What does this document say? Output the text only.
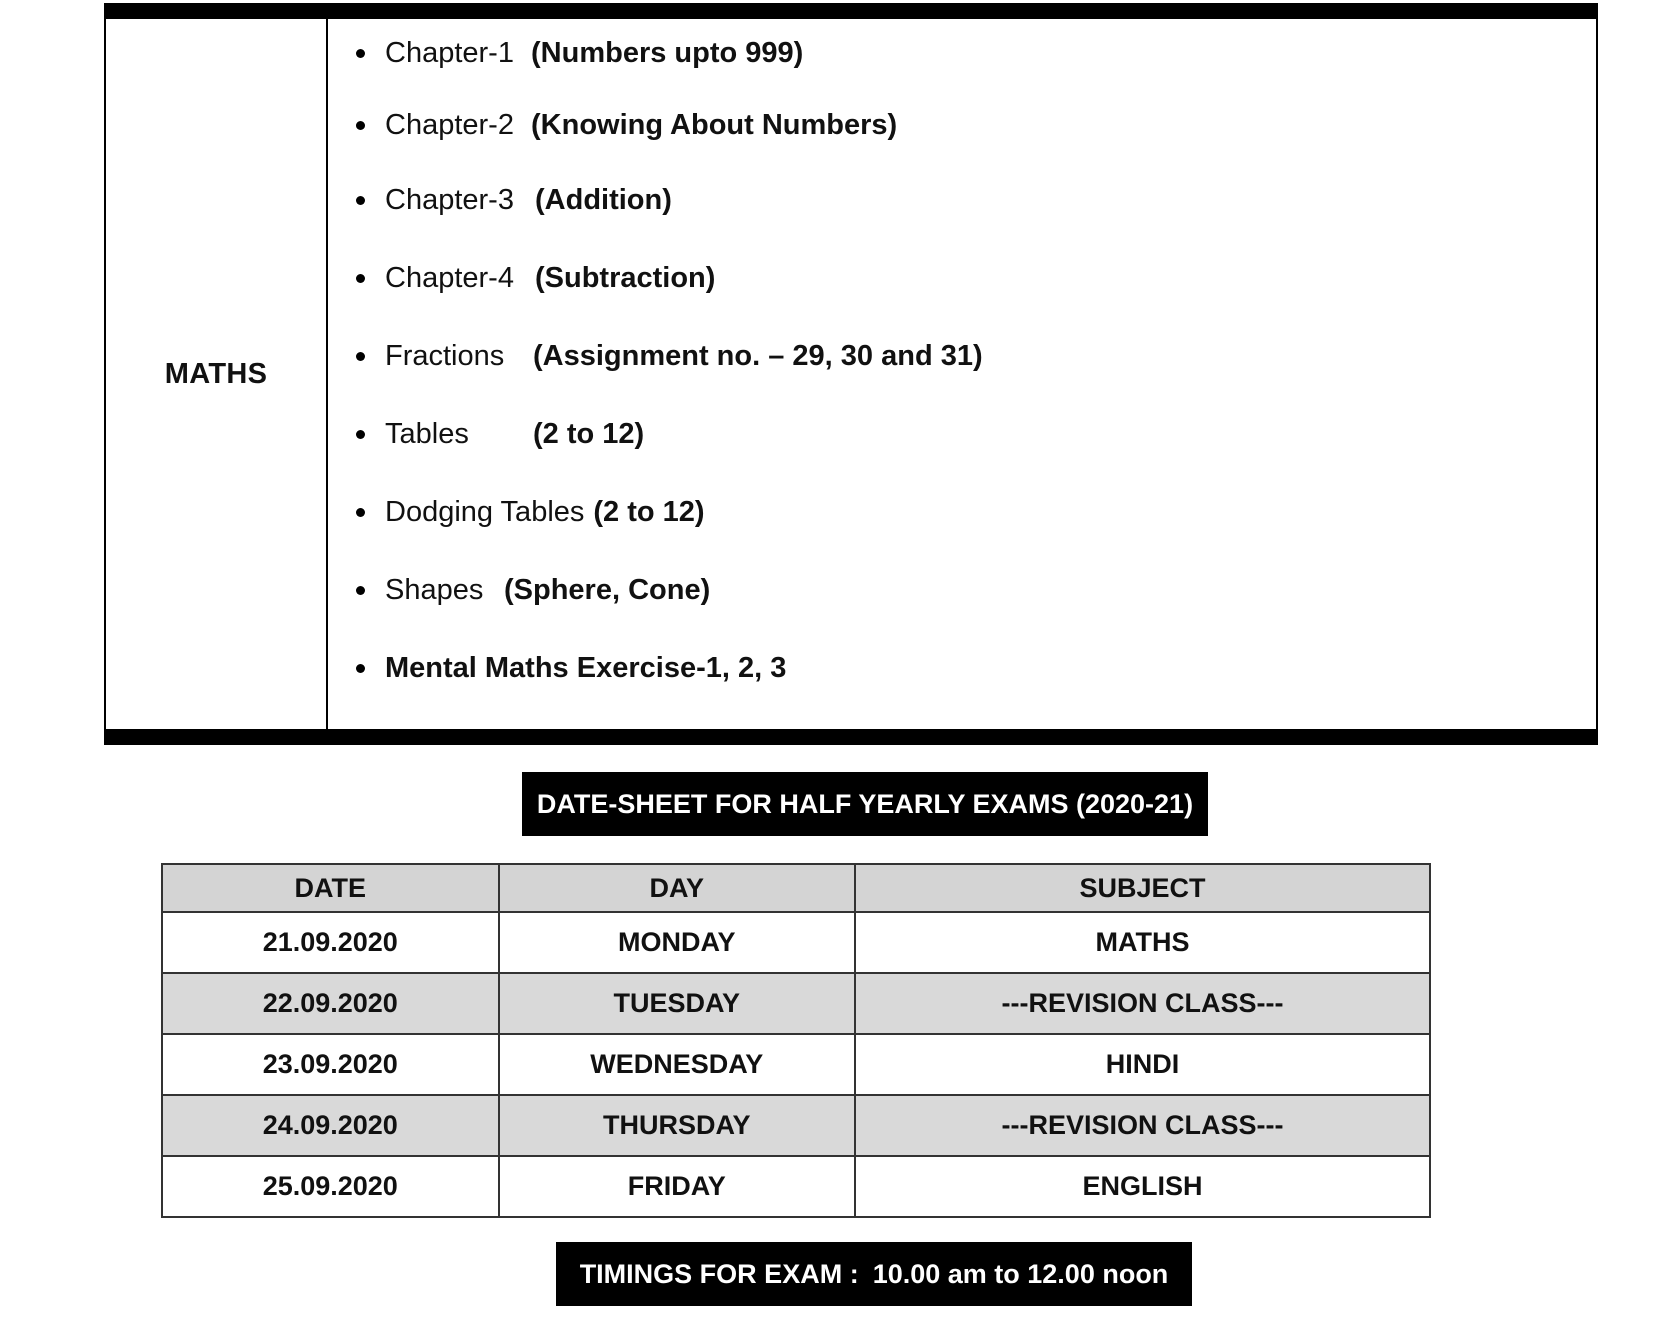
MATHS
Chapter-1 (Numbers upto 999)
Chapter-2 (Knowing About Numbers)
Chapter-3 (Addition)
Chapter-4 (Subtraction)
Fractions (Assignment no. – 29, 30 and 31)
Tables	(2 to 12)
Dodging Tables (2 to 12)
Shapes (Sphere, Cone)
Mental Maths Exercise-1, 2, 3
DATE-SHEET FOR HALF YEARLY EXAMS (2020-21)
DATE	DAY	SUBJECT
21.09.2020	MONDAY	MATHS
22.09.2020	TUESDAY	---REVISION CLASS---
23.09.2020	WEDNESDAY	HINDI
24.09.2020	THURSDAY	---REVISION CLASS---
25.09.2020	FRIDAY	ENGLISH
TIMINGS FOR EXAM : 10.00 am to 12.00 noon
